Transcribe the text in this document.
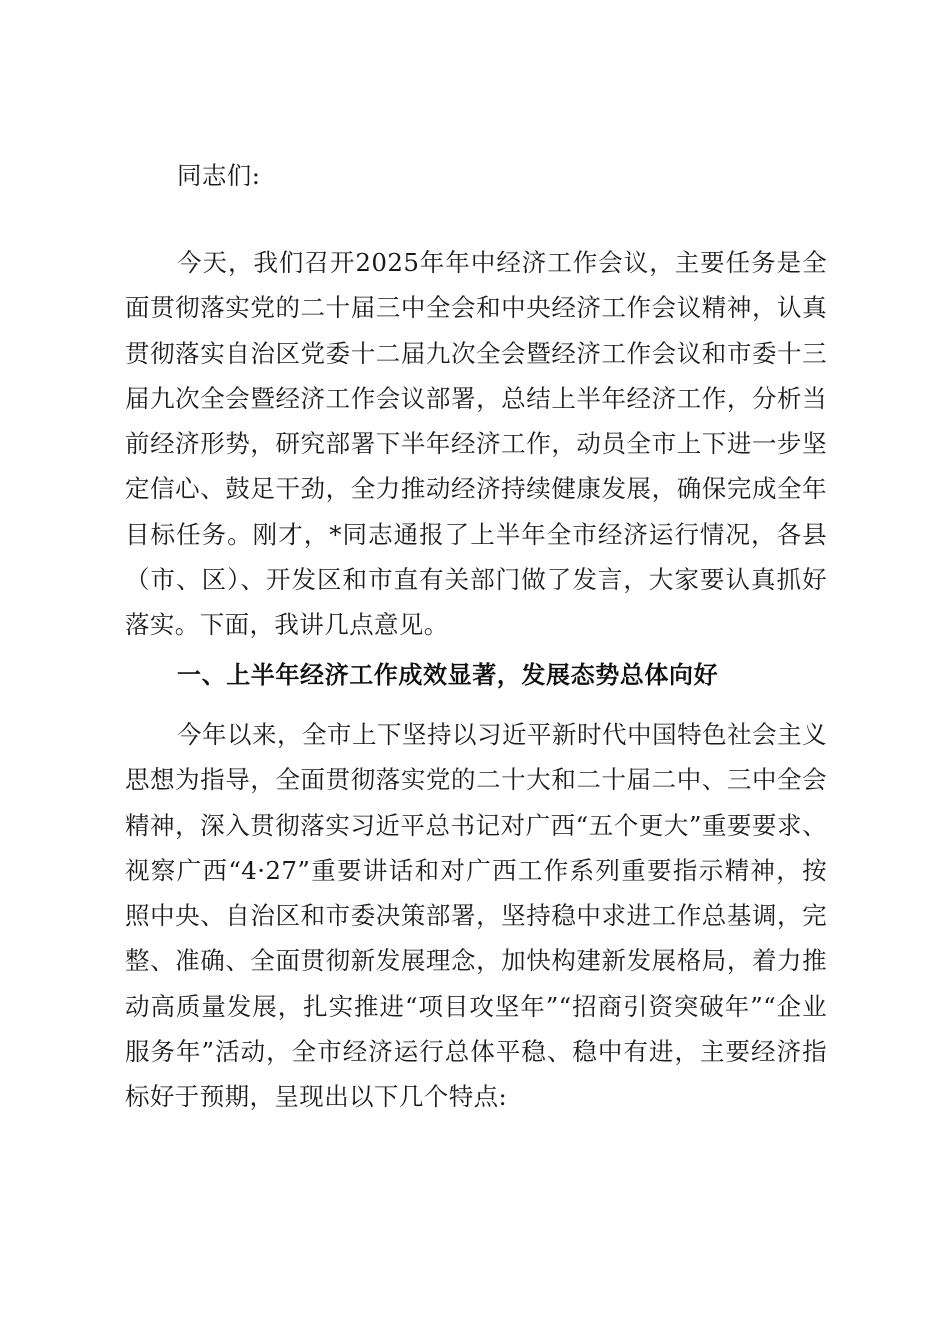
同志们:

今天，我们召开2025年年中经济工作会议，主要任务是全面贯彻落实党的二十届三中全会和中央经济工作会议精神，认真贯彻落实自治区党委十二届九次全会暨经济工作会议和市委十三届九次全会暨经济工作会议部署，总结上半年经济工作，分析当前经济形势，研究部署下半年经济工作，动员全市上下进一步坚定信心、鼓足干劲，全力推动经济持续健康发展，确保完成全年目标任务。刚才，*同志通报了上半年全市经济运行情况，各县（市、区）、开发区和市直有关部门做了发言，大家要认真抓好落实。下面，我讲几点意见。

一、上半年经济工作成效显著，发展态势总体向好

今年以来，全市上下坚持以习近平新时代中国特色社会主义思想为指导，全面贯彻落实党的二十大和二十届二中、三中全会精神，深入贯彻落实习近平总书记对广西“五个更大”重要要求、视察广西“4·27”重要讲话和对广西工作系列重要指示精神，按照中央、自治区和市委决策部署，坚持稳中求进工作总基调，完整、准确、全面贯彻新发展理念，加快构建新发展格局，着力推动高质量发展，扎实推进“项目攻坚年”“招商引资突破年”“企业服务年”活动，全市经济运行总体平稳、稳中有进，主要经济指标好于预期，呈现出以下几个特点:
